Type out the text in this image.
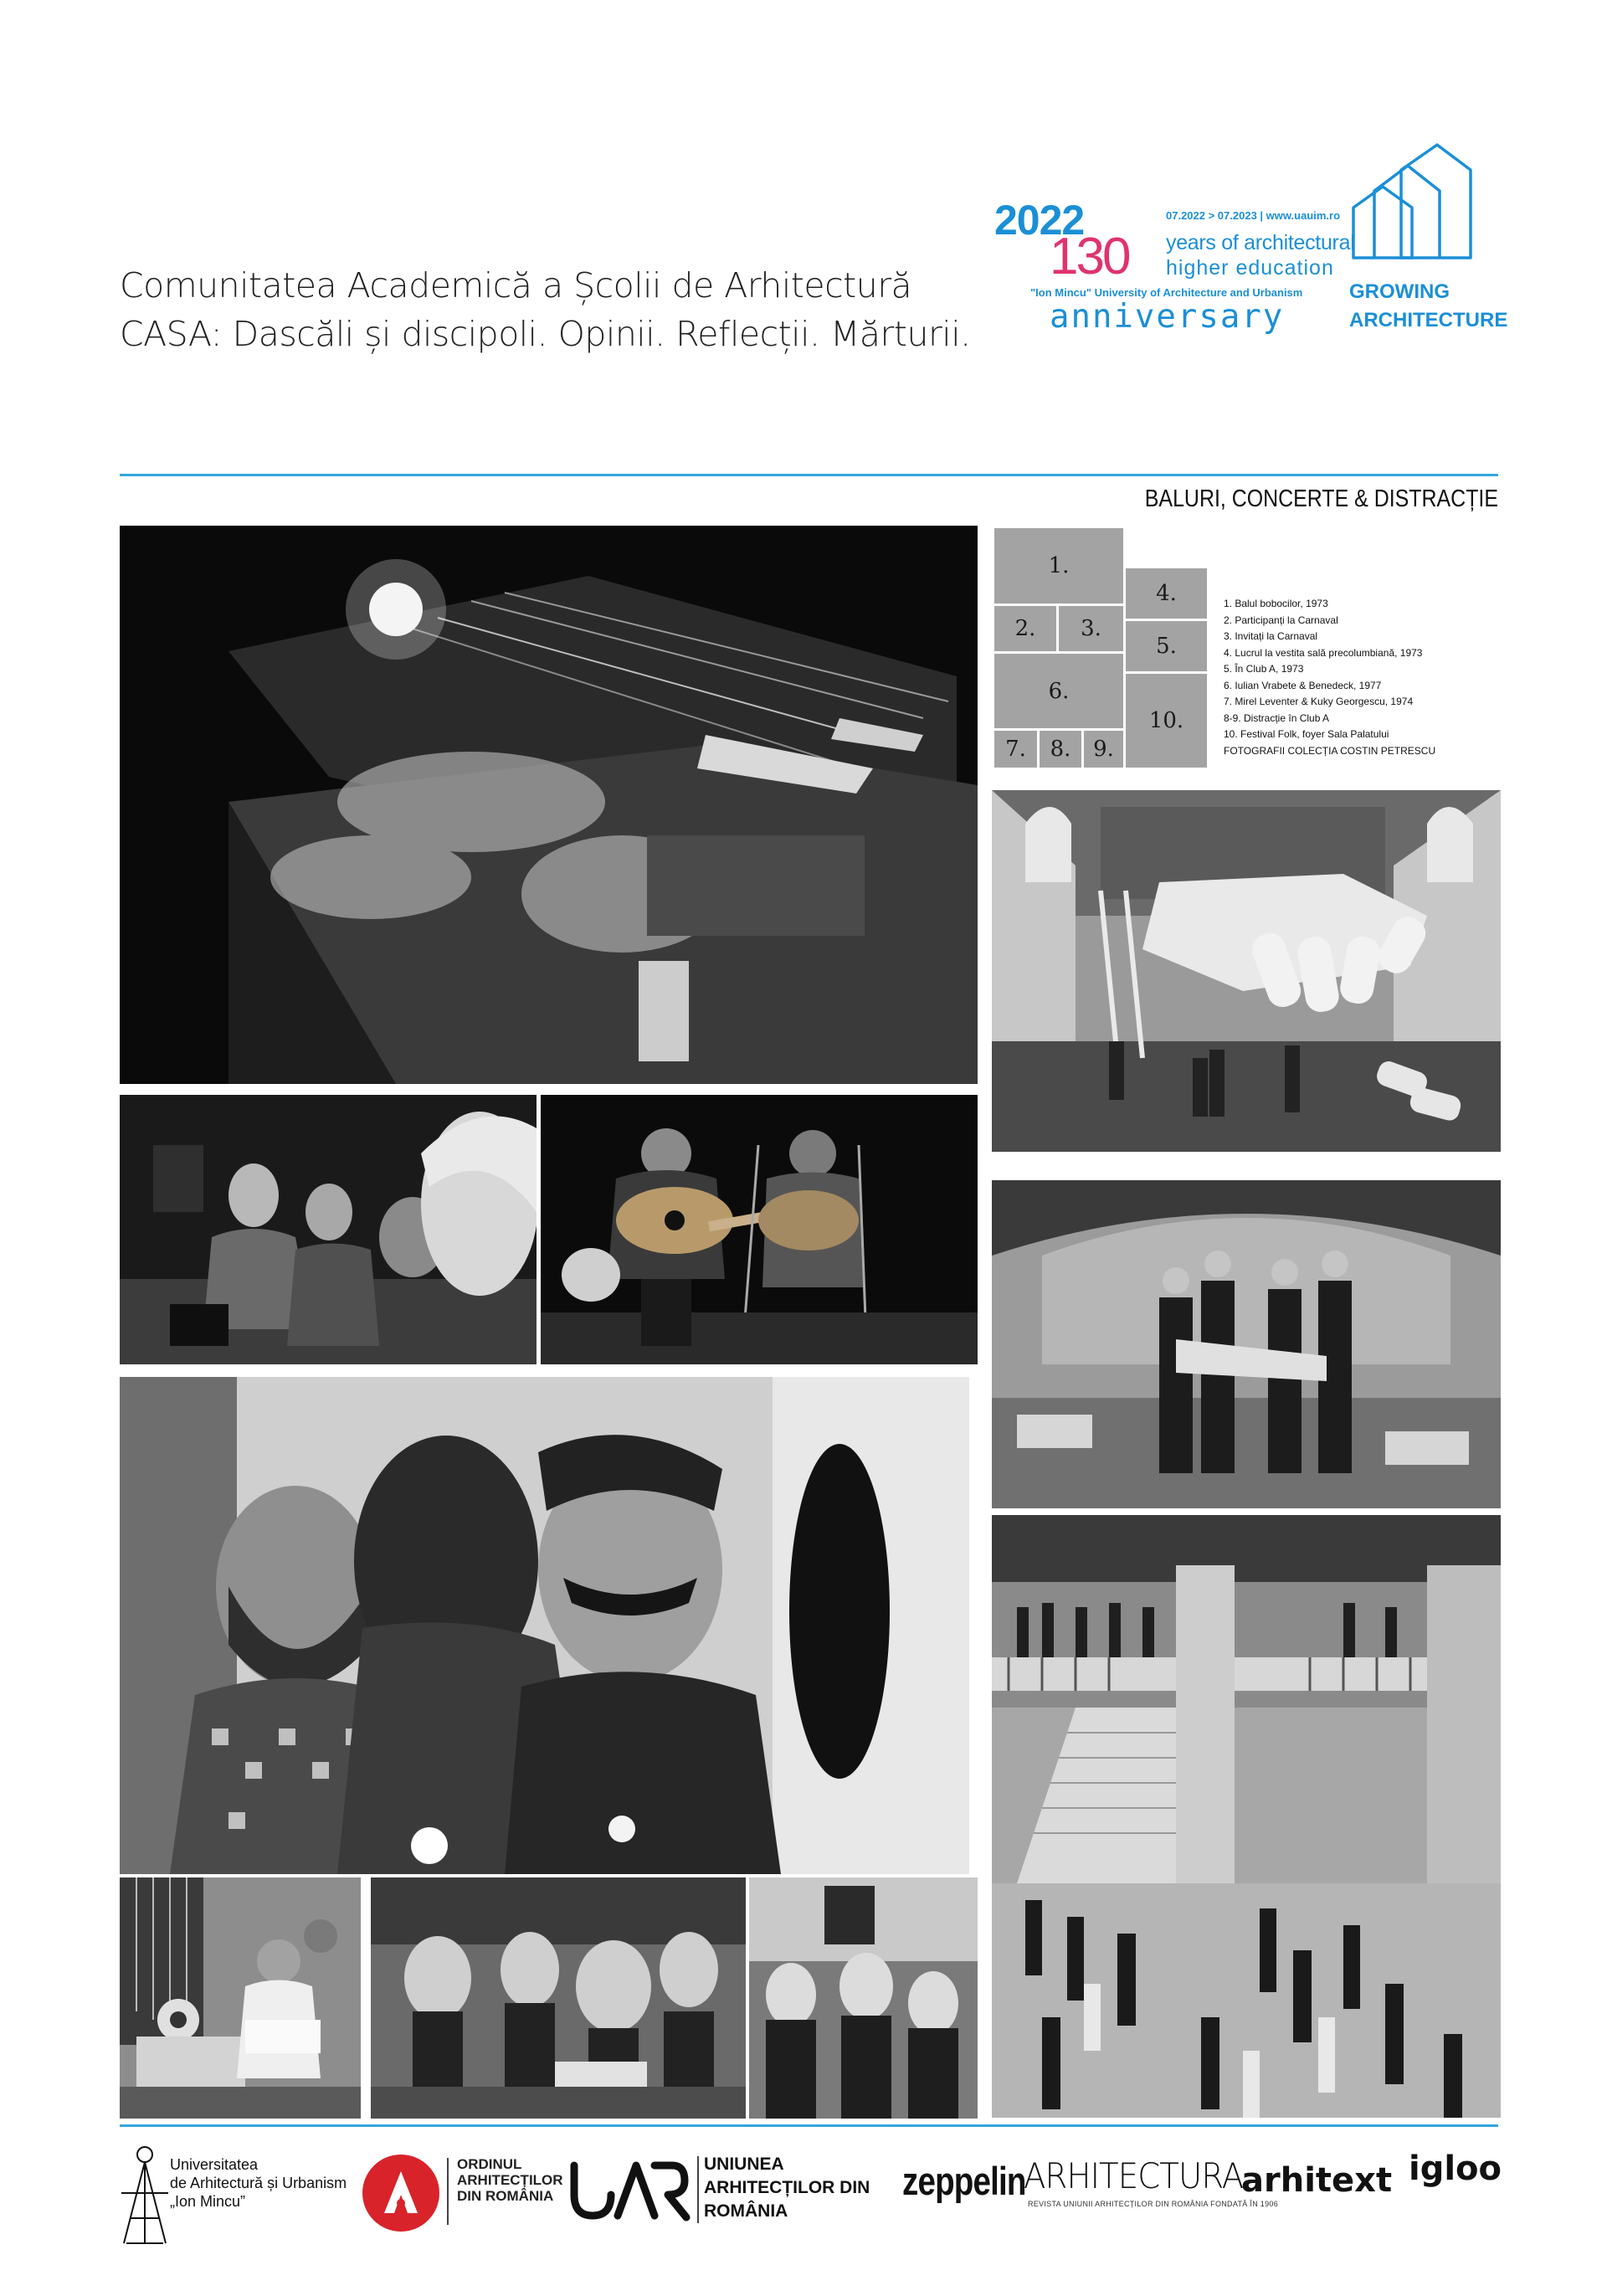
Comunitatea Academică a Școlii de Arhitectură
CASA: Dascăli și discipoli. Opinii. Reflecții. Mărturii.
2022
130
07.2022 > 07.2023 | www.uauim.ro
years of architectural
higher education
"Ion Mincu" University of Architecture and Urbanism
anniversary
GROWING
ARCHITECTURE
BALURI, CONCERTE & DISTRACȚIE
1.
2.	3.
4.
5.
6.
7.	8.	9.
10.
1. Balul bobocilor, 1973
2. Participanți la Carnaval
3. Invitați la Carnaval
4. Lucrul la vestita sală precolumbiană, 1973
5. În Club A, 1973
6. Iulian Vrabete & Benedeck, 1977
7. Mirel Leventer & Kuky Georgescu, 1974
8-9. Distracție în Club A
10. Festival Folk, foyer Sala Palatului
FOTOGRAFII COLECȚIA COSTIN PETRESCU
Universitatea
de Arhitectură și Urbanism
„Ion Mincu”
ORDINUL
ARHITECȚILOR
DIN ROMÂNIA
UNIUNEA
ARHITECȚILOR DIN
ROMÂNIA
zeppelin
ARHITECTURA
REVISTA UNIUNII ARHITECȚILOR DIN ROMÂNIA FONDATĂ ÎN 1906
arhitext igloo
